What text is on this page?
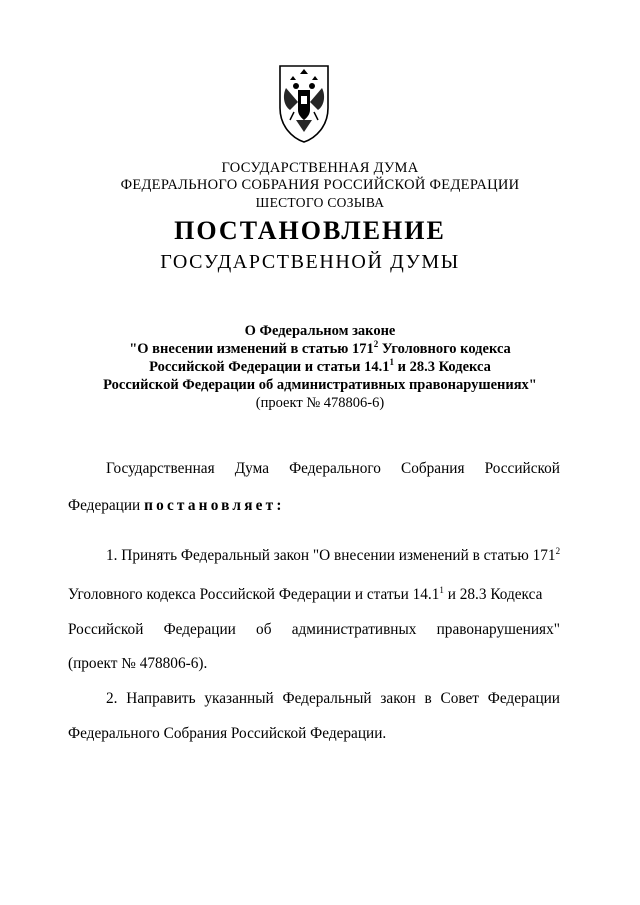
ГОСУДАРСТВЕННАЯ ДУМА
ФЕДЕРАЛЬНОГО СОБРАНИЯ РОССИЙСКОЙ ФЕДЕРАЦИИ
ШЕСТОГО СОЗЫВА
ПОСТАНОВЛЕНИЕ
ГОСУДАРСТВЕННОЙ ДУМЫ
О Федеральном законе
"О внесении изменений в статью $171^2$ Уголовного кодекса
Российской Федерации и статьи 14.1$^1$ и 28.3 Кодекса
Российской Федерации об административных правонарушениях"
(проект № 478806-6)
Государственная Дума Федерального Собрания Российской
Федерации постановляет:
1. Принять Федеральный закон "О внесении изменений в статью $171^2$
Уголовного кодекса Российской Федерации и статьи 14.1$^1$ и 28.3 Кодекса
Российской Федерации об административных правонарушениях"
(проект № 478806-6).
2. Направить указанный Федеральный закон в Совет Федерации
Федерального Собрания Российской Федерации.
